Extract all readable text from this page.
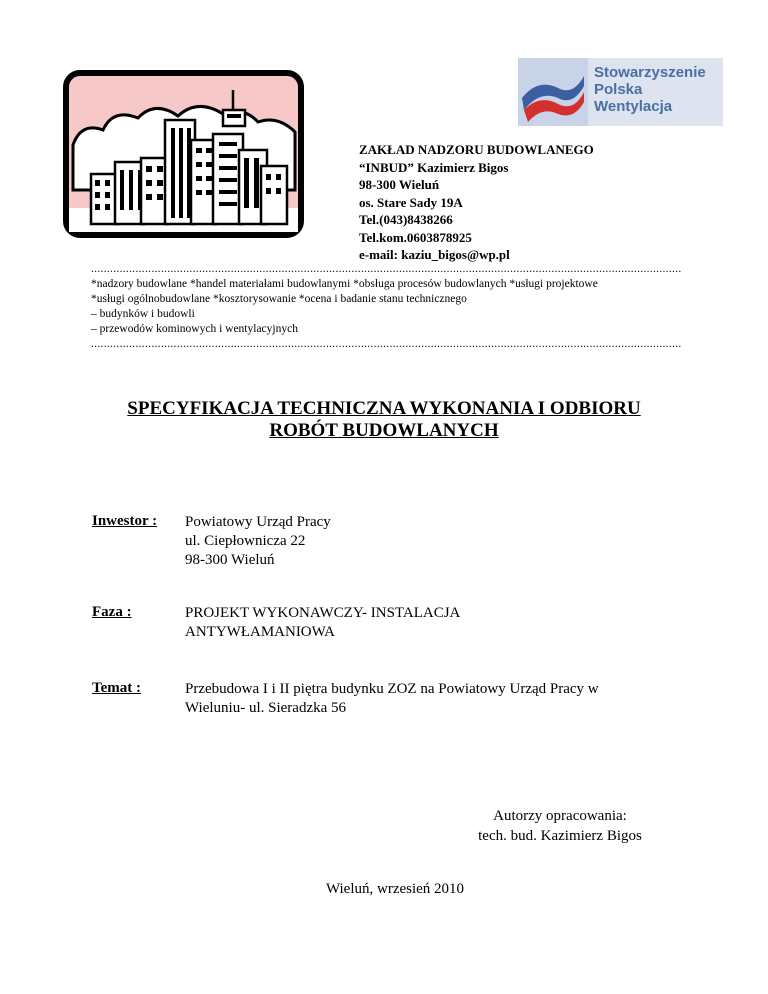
Stowarzyszenie
Polska
Wentylacja
ZAKŁAD NADZORU BUDOWLANEGO
“INBUD” Kazimierz Bigos
98-300 Wieluń
os. Stare Sady 19A
Tel.(043)8438266
Tel.kom.0603878925
e-mail: kaziu_bigos@wp.pl
..........................................................................................................................................................................................
*nadzory budowlane *handel materiałami budowlanymi *obsługa procesów budowlanych *usługi projektowe
*usługi ogólnobudowlane *kosztorysowanie *ocena i badanie stanu technicznego
– budynków i budowli
– przewodów kominowych i wentylacyjnych
..........................................................................................................................................................................................
SPECYFIKACJA TECHNICZNA WYKONANIA I ODBIORU
ROBÓT BUDOWLANYCH
Inwestor : Powiatowy Urząd Pracy
ul. Ciepłownicza 22
98-300 Wieluń
Faza :	PROJEKT WYKONAWCZY- INSTALACJA
ANTYWŁAMANIOWA
Temat :	Przebudowa I i II piętra budynku ZOZ na Powiatowy Urząd Pracy w
Wieluniu- ul. Sieradzka 56
Autorzy opracowania:
tech. bud. Kazimierz Bigos
Wieluń, wrzesień 2010
